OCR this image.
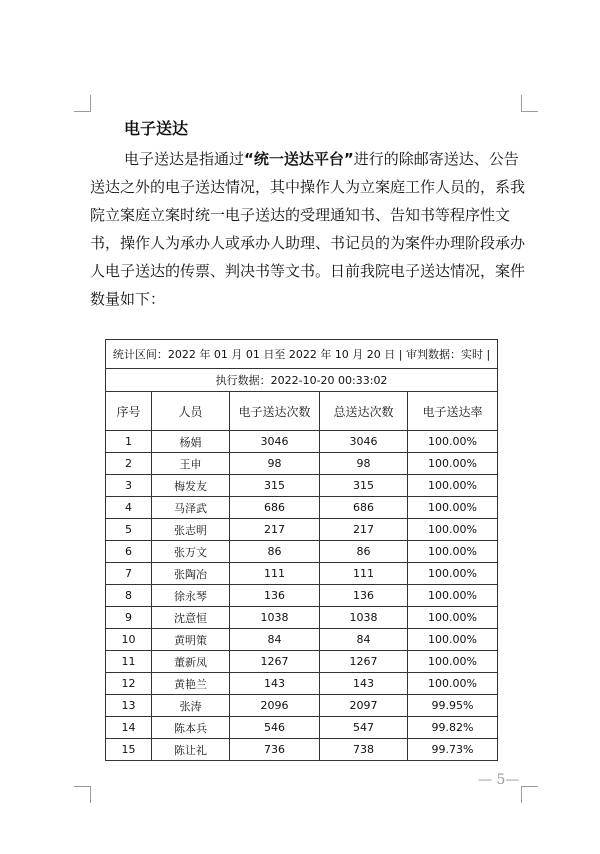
电子送达

电子送达是指通过“统一送达平台”进行的除邮寄送达、公告送达之外的电子送达情况，其中操作人为立案庭工作人员的，系我院立案庭立案时统一电子送达的受理通知书、告知书等程序性文书，操作人为承办人或承办人助理、书记员的为案件办理阶段承办人电子送达的传票、判决书等文书。日前我院电子送达情况，案件数量如下：

统计区间：2022 年 01 月 01 日至 2022 年 10 月 20 日 | 审判数据：实时 |				
执行数据：2022-10-20 00:33:02				
序号	人员	电子送达次数	总送达次数	电子送达率
1	杨娟	3046	3046	100.00%
2	王申	98	98	100.00%
3	梅发友	315	315	100.00%
4	马泽武	686	686	100.00%
5	张志明	217	217	100.00%
6	张万文	86	86	100.00%
7	张陶冶	111	111	100.00%
8	徐永琴	136	136	100.00%
9	沈意恒	1038	1038	100.00%
10	黄明策	84	84	100.00%
11	董新凤	1267	1267	100.00%
12	黄艳兰	143	143	100.00%
13	张涛	2096	2097	99.95%
14	陈本兵	546	547	99.82%
15	陈让礼	736	738	99.73%
— 5—
